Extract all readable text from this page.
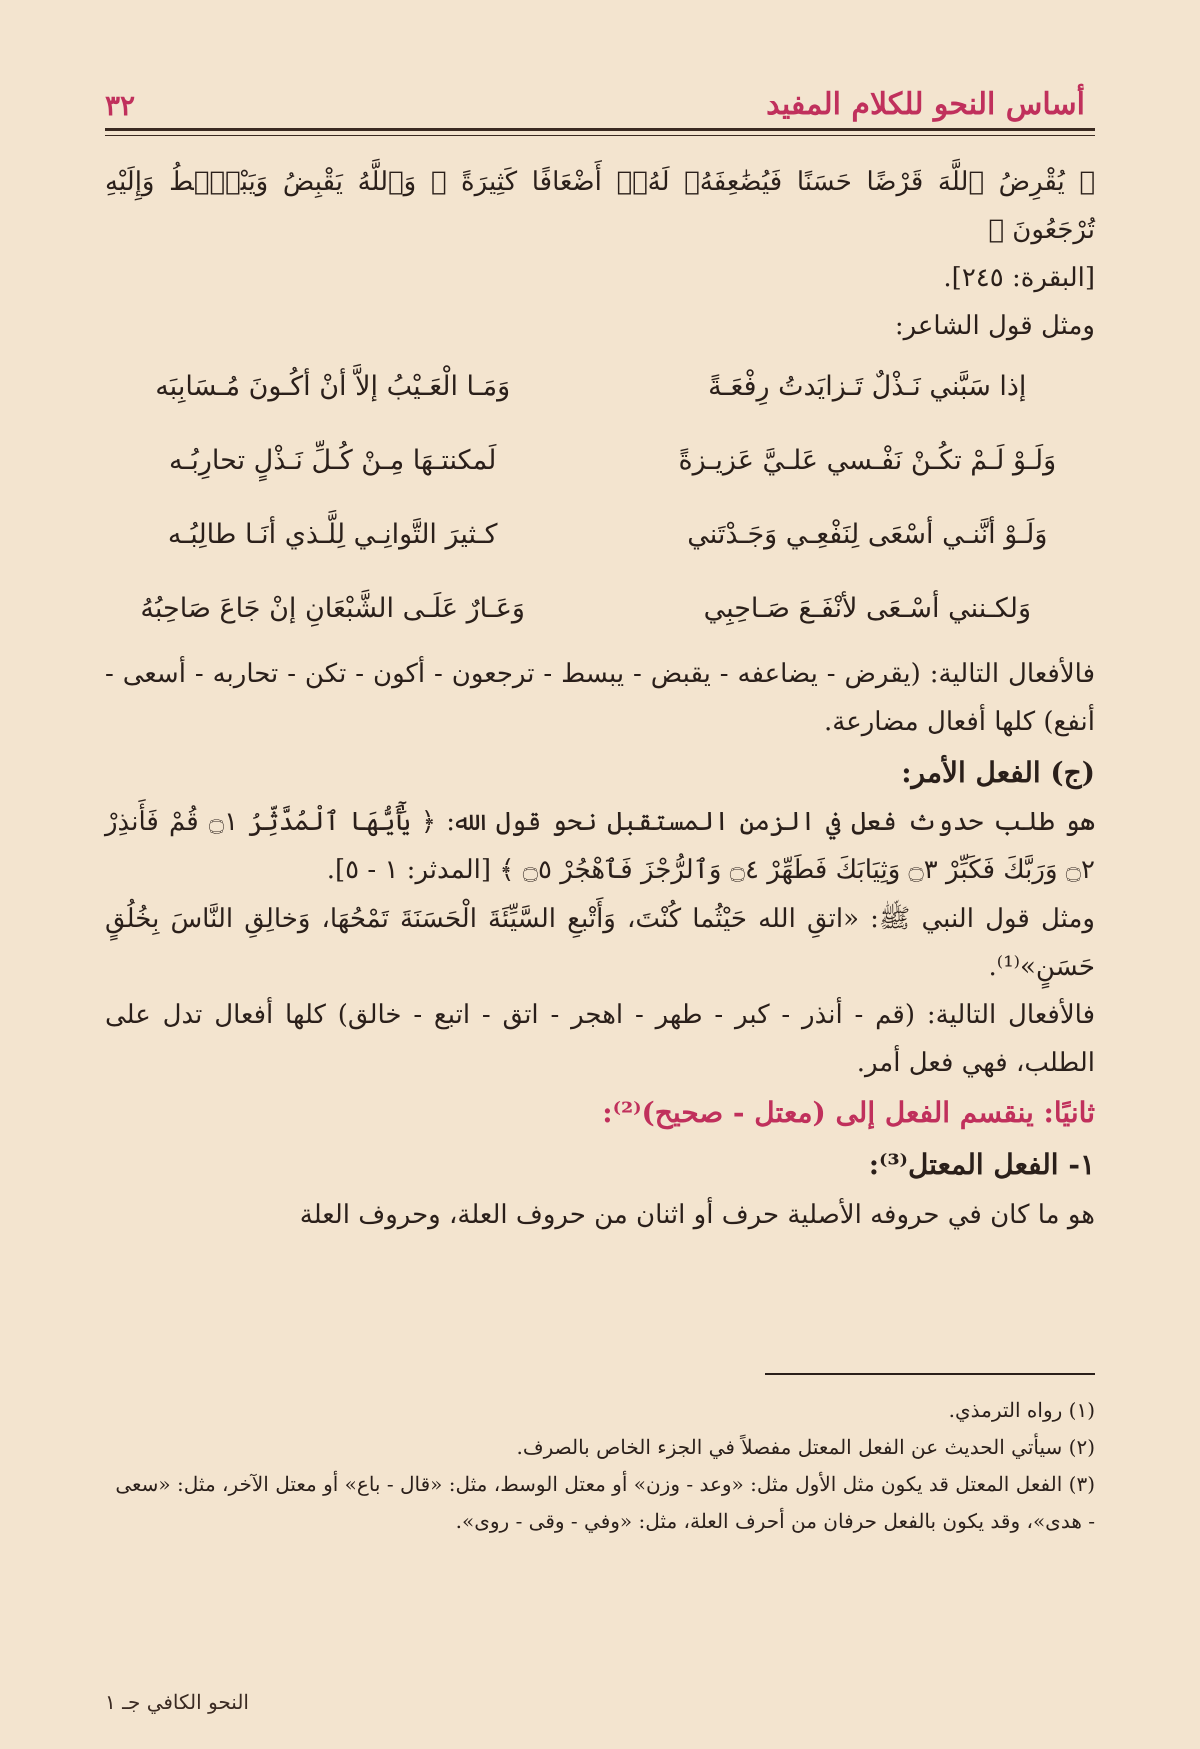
أساس النحو للكلام المفيد
٣٢

﴿ يُقْرِضُ ٱللَّهَ قَرْضًا حَسَنًا فَيُضَٰعِفَهُۥ لَهُۥٓ أَضْعَافًا كَثِيرَةً ۚ وَٱللَّهُ يَقْبِضُ وَيَبْصُۜطُ وَإِلَيْهِ تُرْجَعُونَ ﴾

[البقرة: ٢٤٥].

ومثل قول الشاعر:

إذا سَبَّني نَـذْلٌ تَـزايَدتُ رِفْعَـةً
وَمَـا الْعَـيْبُ إلاَّ أنْ أكُـونَ مُـسَابِبَه
وَلَـوْ لَـمْ تكُـنْ نَفْـسي عَلـيَّ عَزيـزةً
لَمكنتـهَا مِـنْ كُـلِّ نَـذْلٍ تحارِبُـه
وَلَـوْ أنَّنـي أسْعَى لِنَفْعِـي وَجَـدْتَني
كـثيرَ التَّوانِـي لِلَّـذي أنَـا طالِبُـه
وَلكـنني أسْـعَى لأنْفَـعَ صَـاحِبِي
وَعَـارٌ عَلَـى الشَّبْعَانِ إنْ جَاعَ صَاحِبُهُ

فالأفعال التالية: (يقرض - يضاعفه - يقبض - يبسط - ترجعون - أكون - تكن - تحاربه - أسعى - أنفع) كلها أفعال مضارعة.

(ج) الفعل الأمر:

هو طلب حدوث فعل في الزمن المستقبل نحو قول الله: ﴿ يَٰٓأَيُّهَا ٱلْمُدَّثِّرُ ۝١ قُمْ فَأَنذِرْ ۝٢ وَرَبَّكَ فَكَبِّرْ ۝٣ وَثِيَابَكَ فَطَهِّرْ ۝٤ وَٱلرُّجْزَ فَٱهْجُرْ ۝٥ ﴾ [المدثر: ١ - ٥].

ومثل قول النبي ﷺ: «اتقِ الله حَيْثُما كُنْتَ، وَأَتْبعِ السَّيِّئَةَ الْحَسَنَةَ تَمْحُهَا، وَخالِقِ النَّاسَ بِخُلُقٍ حَسَنٍ»⁽¹⁾.

فالأفعال التالية: (قم - أنذر - كبر - طهر - اهجر - اتق - اتبع - خالق) كلها أفعال تدل على الطلب، فهي فعل أمر.

ثانيًا: ينقسم الفعل إلى (معتل - صحيح)⁽²⁾:

١- الفعل المعتل⁽³⁾:

هو ما كان في حروفه الأصلية حرف أو اثنان من حروف العلة، وحروف العلة

(١) رواه الترمذي.

(٢) سيأتي الحديث عن الفعل المعتل مفصلاً في الجزء الخاص بالصرف.

(٣) الفعل المعتل قد يكون مثل الأول مثل: «وعد - وزن» أو معتل الوسط، مثل: «قال - باع» أو معتل الآخر، مثل: «سعى - هدى»، وقد يكون بالفعل حرفان من أحرف العلة، مثل: «وفي - وقى - روى».

النحو الكافي جـ ١
